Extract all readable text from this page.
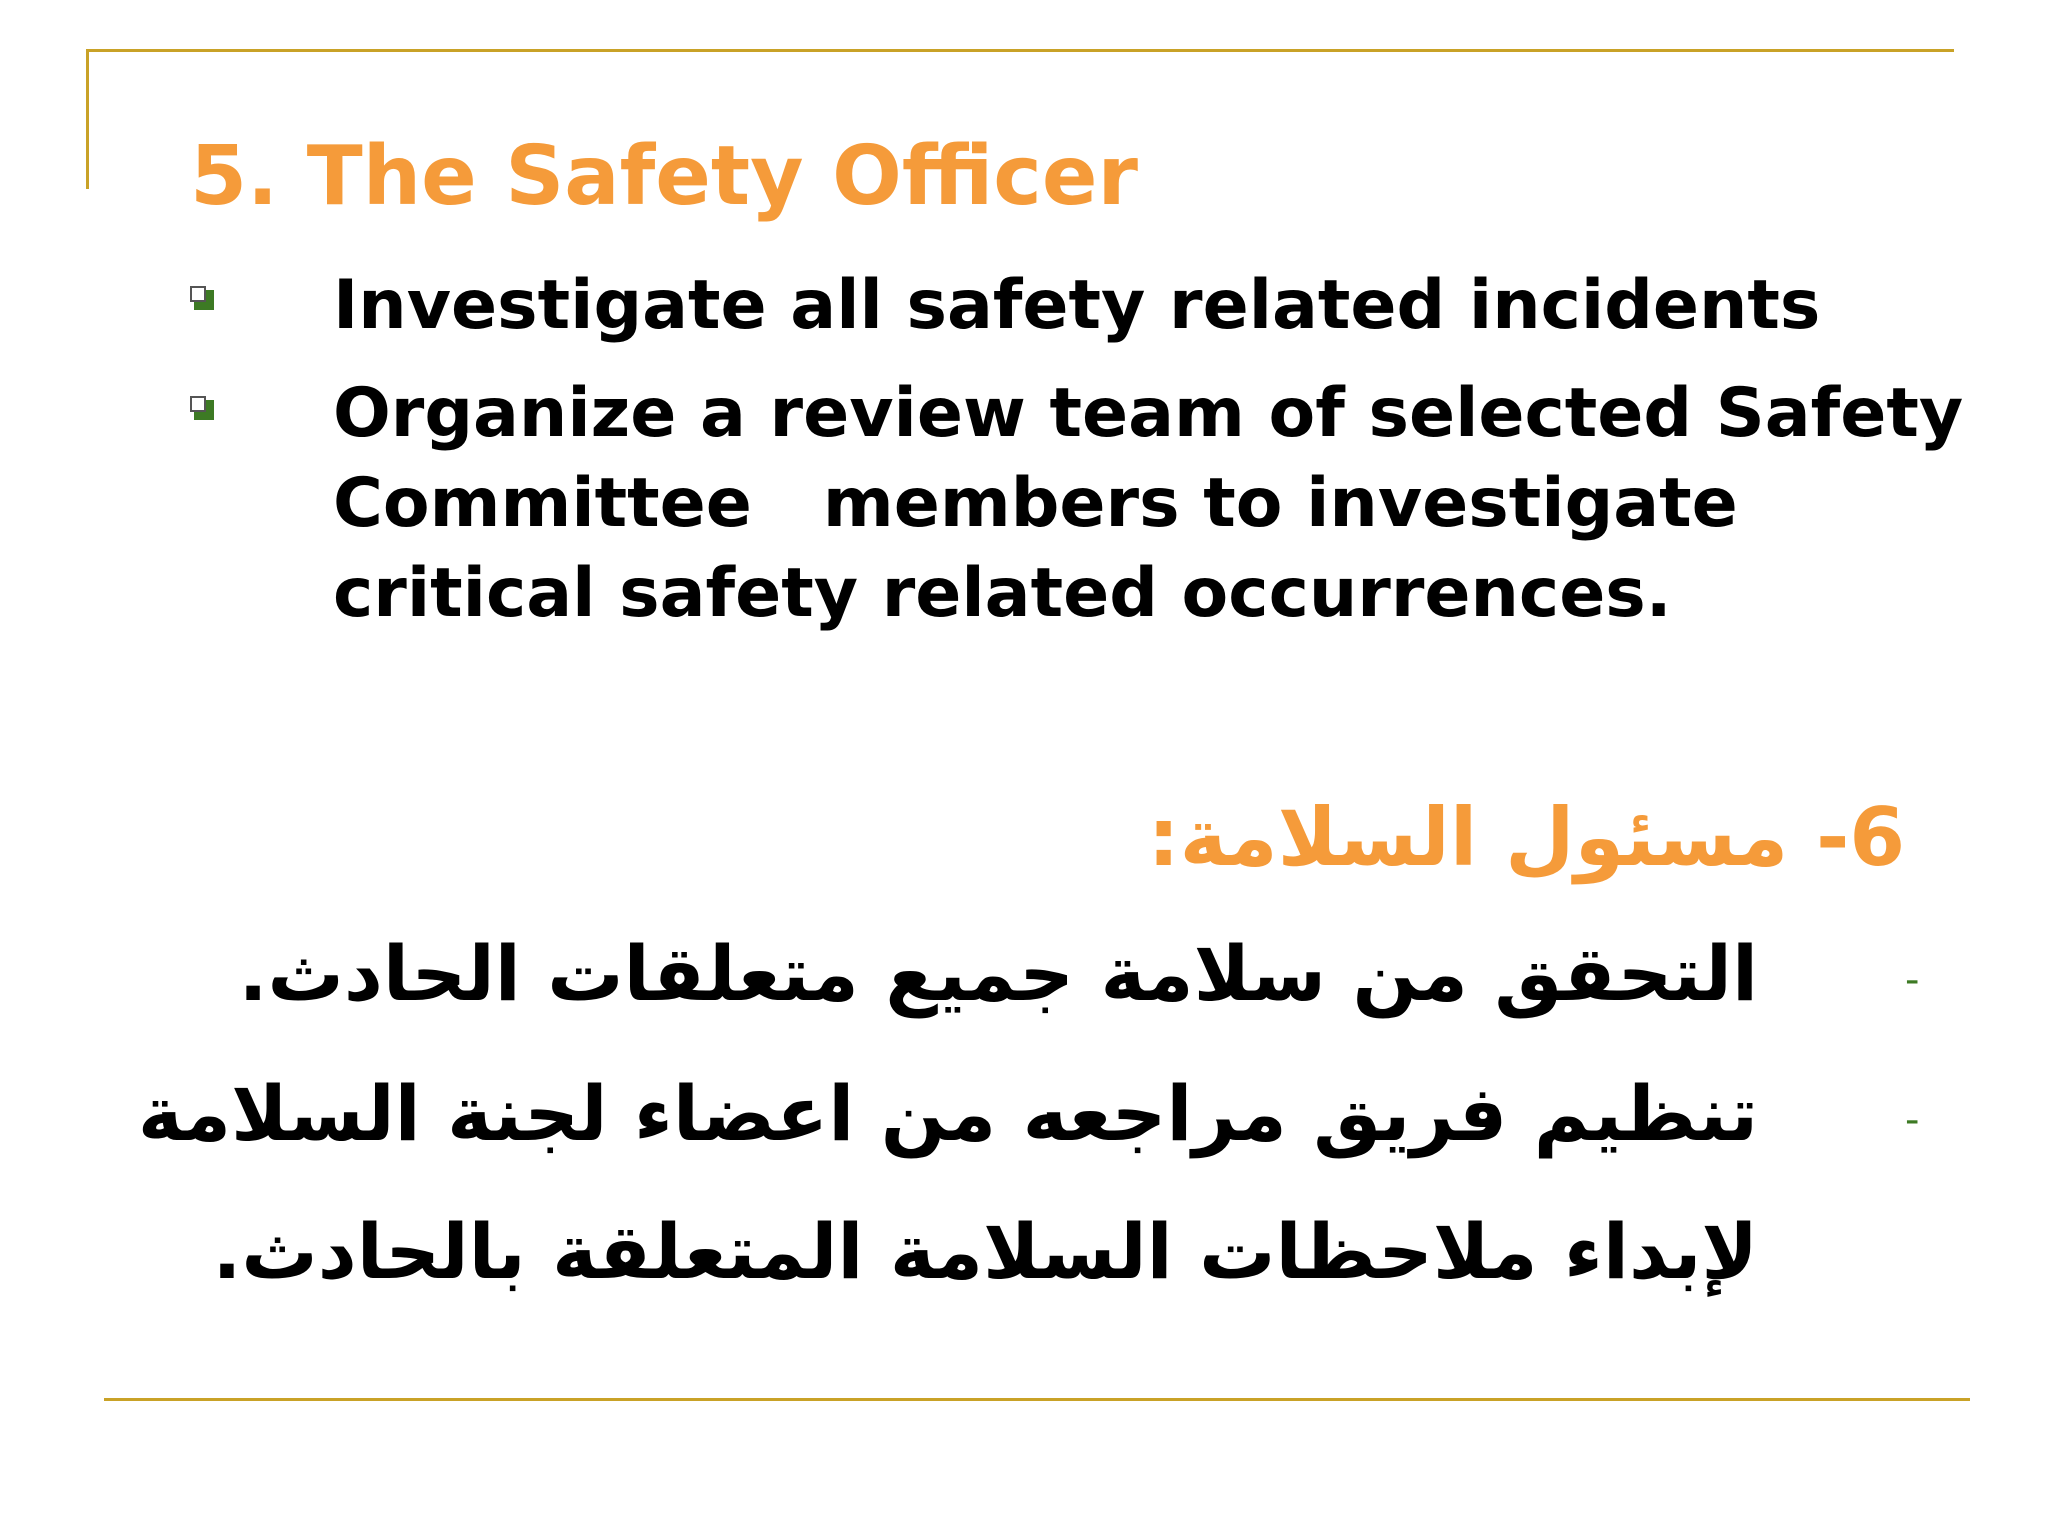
5. The Safety Officer
Investigate all safety related incidents
Organize a review team of selected Safety
Committee   members to investigate
critical safety related occurrences.
6- مسئول السلامة:
-
التحقق من سلامة جميع متعلقات الحادث.
-
تنظيم فريق مراجعه من اعضاء لجنة السلامة
لإبداء ملاحظات السلامة المتعلقة بالحادث.
